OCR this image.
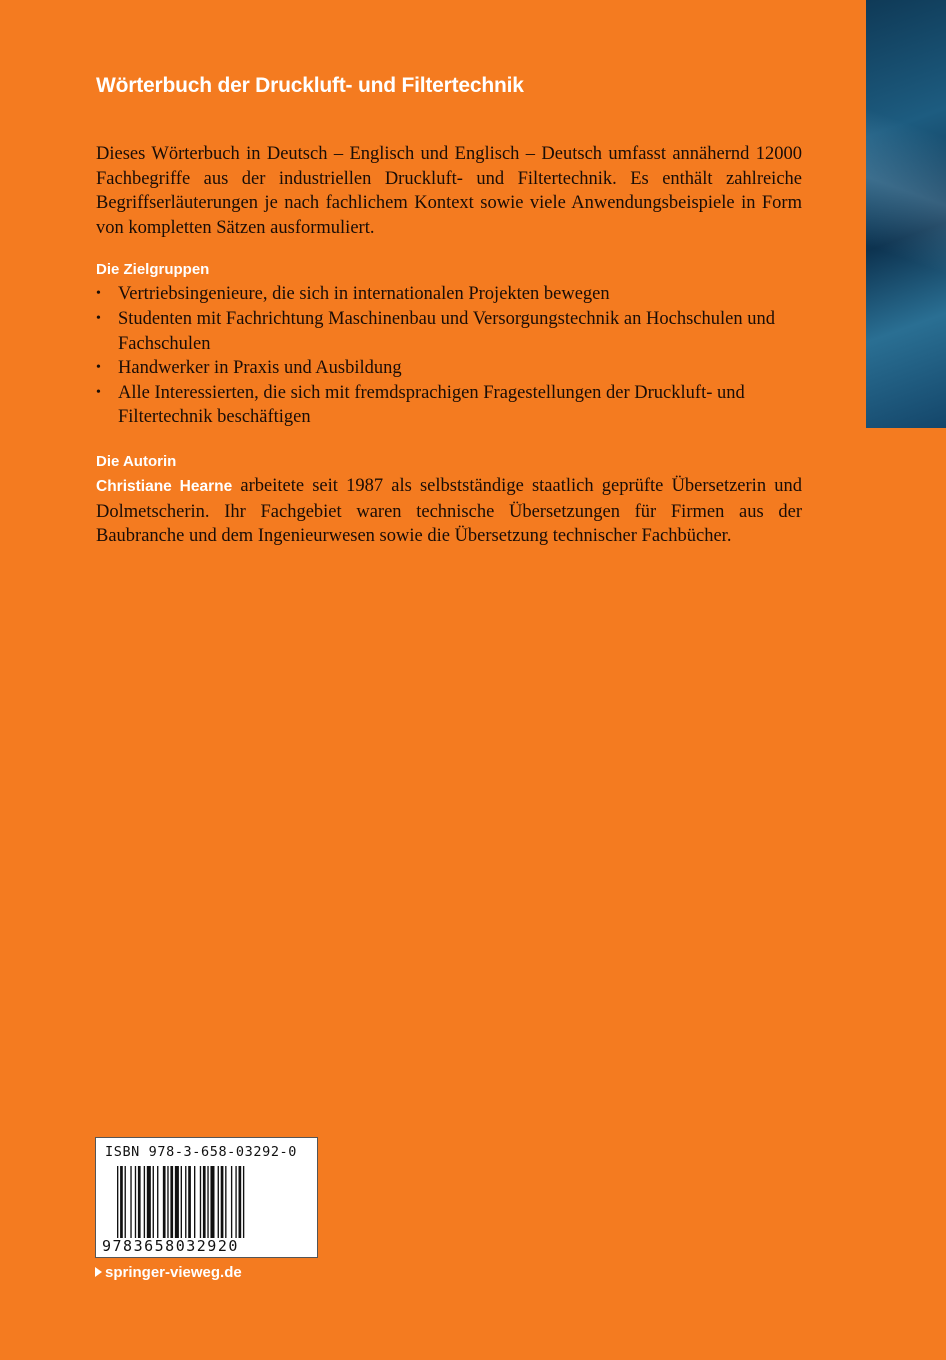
Wörterbuch der Druckluft- und Filtertechnik

Dieses Wörterbuch in Deutsch – Englisch und Englisch – Deutsch umfasst annähernd 12000 Fachbegriffe aus der industriellen Druckluft- und Filtertechnik. Es enthält zahlreiche Begriffserläuterungen je nach fachlichem Kontext sowie viele Anwendungsbeispiele in Form von kompletten Sätzen ausformuliert.

Die Zielgruppen
• Vertriebsingenieure, die sich in internationalen Projekten bewegen
• Studenten mit Fachrichtung Maschinenbau und Versorgungstechnik an Hochschulen und Fachschulen
• Handwerker in Praxis und Ausbildung
• Alle Interessierten, die sich mit fremdsprachigen Fragestellungen der Druckluft- und Filtertechnik beschäftigen
Die Autorin

Christiane Hearne arbeitete seit 1987 als selbstständige staatlich geprüfte Übersetzerin und Dolmetscherin. Ihr Fachgebiet waren technische Übersetzungen für Firmen aus der Baubranche und dem Ingenieurwesen sowie die Übersetzung technischer Fachbücher.

ISBN 978-3-658-03292-0
9783658032920
springer-vieweg.de
